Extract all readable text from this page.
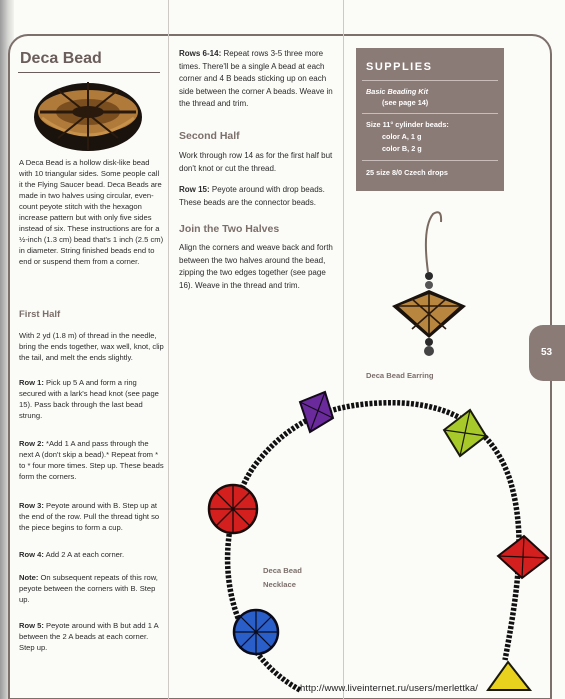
53
Deca Bead
A Deca Bead is a hollow disk-like bead with 10 triangular sides. Some people call it the Flying Saucer bead. Deca Beads are made in two halves using circular, even-count peyote stitch with the hexagon increase pattern but with only five sides instead of six. These instructions are for a ½-inch (1.3 cm) bead that's 1 inch (2.5 cm) in diameter. String finished beads end to end or suspend them from a corner.
First Half
With 2 yd (1.8 m) of thread in the needle, bring the ends together, wax well, knot, clip the tail, and melt the ends slightly.
Row 1: Pick up 5 A and form a ring secured with a lark's head knot (see page 15). Pass back through the last bead strung.
Row 2: *Add 1 A and pass through the next A (don't skip a bead).* Repeat from * to * four more times. Step up. These beads form the corners.
Row 3: Peyote around with B. Step up at the end of the row. Pull the thread tight so the piece begins to form a cup.
Row 4: Add 2 A at each corner.
Note: On subsequent repeats of this row, peyote between the corners with B. Step up.
Row 5: Peyote around with B but add 1 A between the 2 A beads at each corner. Step up.
Rows 6-14: Repeat rows 3-5 three more times. There'll be a single A bead at each corner and 4 B beads sticking up on each side between the corner A beads. Weave in the thread and trim.
Second Half
Work through row 14 as for the first half but don't knot or cut the thread.
Row 15: Peyote around with drop beads. These beads are the connector beads.
Join the Two Halves
Align the corners and weave back and forth between the two halves around the bead, zipping the two edges together (see page 16). Weave in the thread and trim.
SUPPLIES
Basic Beading Kit
(see page 14)
Size 11° cylinder beads:
color A, 1 g
color B, 2 g
25 size 8/0 Czech drops
Deca Bead Earring
Deca Bead
Necklace
http://www.liveinternet.ru/users/merlettka/
